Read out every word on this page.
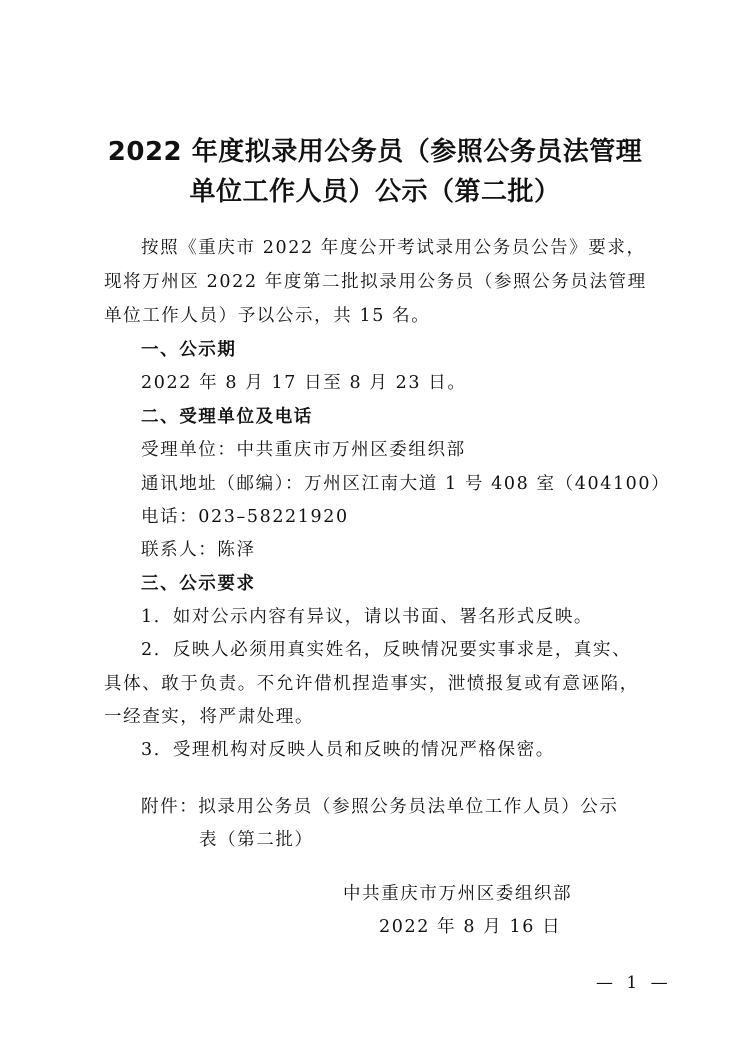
2022 年度拟录用公务员（参照公务员法管理
单位工作人员）公示（第二批）
按照《重庆市 2022 年度公开考试录用公务员公告》要求，
现将万州区 2022 年度第二批拟录用公务员（参照公务员法管理
单位工作人员）予以公示，共 15 名。
一、公示期
2022 年 8 月 17 日至 8 月 23 日。
二、受理单位及电话
受理单位：中共重庆市万州区委组织部
通讯地址（邮编）：万州区江南大道 1 号 408 室（404100）
电话：023–58221920
联系人：陈泽
三、公示要求
1．如对公示内容有异议，请以书面、署名形式反映。
2．反映人必须用真实姓名，反映情况要实事求是，真实、
具体、敢于负责。不允许借机捏造事实，泄愤报复或有意诬陷，
一经查实，将严肃处理。
3．受理机构对反映人员和反映的情况严格保密。
附件：拟录用公务员（参照公务员法单位工作人员）公示
表（第二批）
中共重庆市万州区委组织部
2022 年 8 月 16 日
— 1 —
